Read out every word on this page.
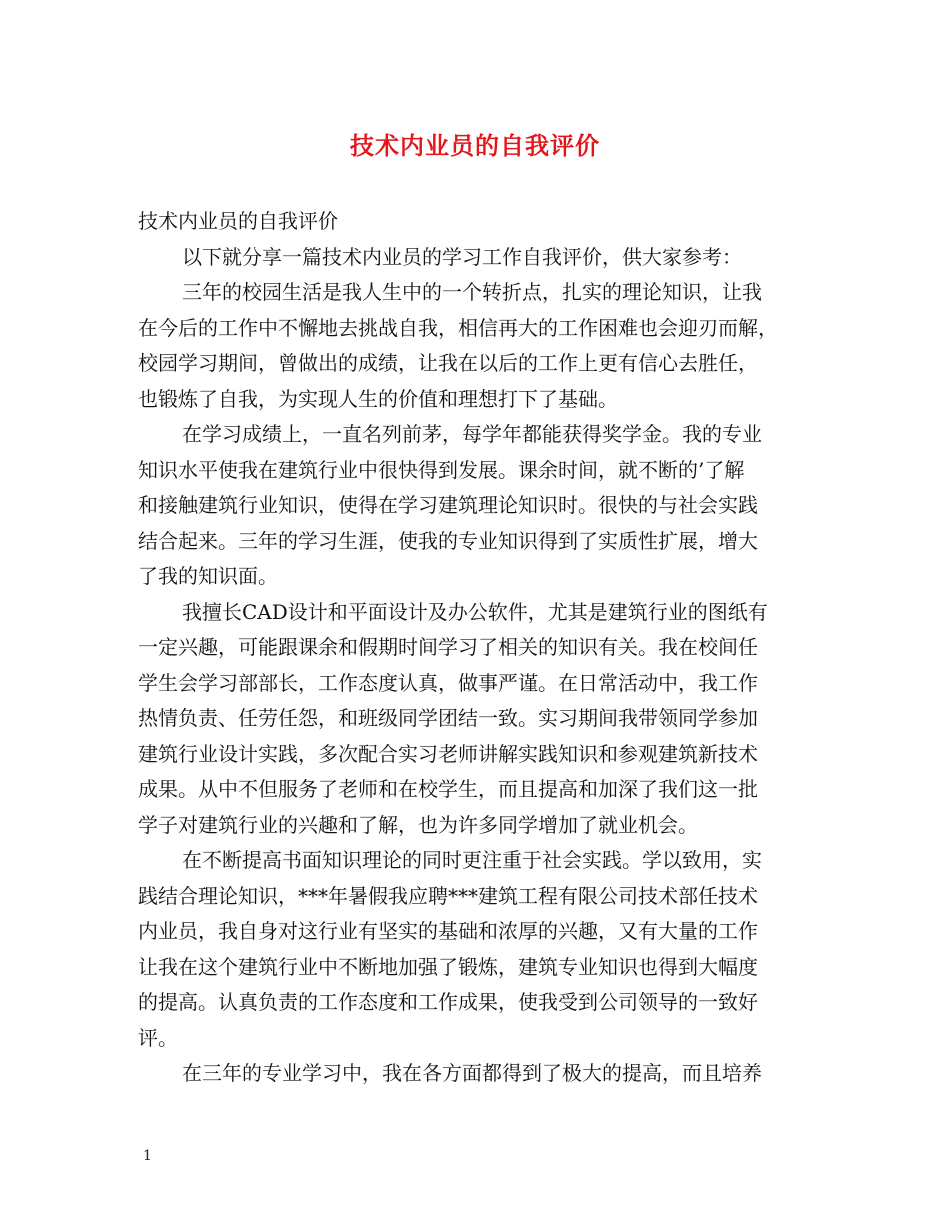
技术内业员的自我评价
技术内业员的自我评价
以下就分享一篇技术内业员的学习工作自我评价，供大家参考：
三年的校园生活是我人生中的一个转折点，扎实的理论知识，让我
在今后的工作中不懈地去挑战自我，相信再大的工作困难也会迎刃而解，
校园学习期间，曾做出的成绩，让我在以后的工作上更有信心去胜任，
也锻炼了自我，为实现人生的价值和理想打下了基础。
在学习成绩上，一直名列前茅，每学年都能获得奖学金。我的专业
知识水平使我在建筑行业中很快得到发展。课余时间，就不断的’了解
和接触建筑行业知识，使得在学习建筑理论知识时。很快的与社会实践
结合起来。三年的学习生涯，使我的专业知识得到了实质性扩展，增大
了我的知识面。
我擅长CAD设计和平面设计及办公软件，尤其是建筑行业的图纸有
一定兴趣，可能跟课余和假期时间学习了相关的知识有关。我在校间任
学生会学习部部长，工作态度认真，做事严谨。在日常活动中，我工作
热情负责、任劳任怨，和班级同学团结一致。实习期间我带领同学参加
建筑行业设计实践，多次配合实习老师讲解实践知识和参观建筑新技术
成果。从中不但服务了老师和在校学生，而且提高和加深了我们这一批
学子对建筑行业的兴趣和了解，也为许多同学增加了就业机会。
在不断提高书面知识理论的同时更注重于社会实践。学以致用，实
践结合理论知识，***年暑假我应聘***建筑工程有限公司技术部任技术
内业员，我自身对这行业有坚实的基础和浓厚的兴趣，又有大量的工作
让我在这个建筑行业中不断地加强了锻炼，建筑专业知识也得到大幅度
的提高。认真负责的工作态度和工作成果，使我受到公司领导的一致好
评。
在三年的专业学习中，我在各方面都得到了极大的提高，而且培养
1
